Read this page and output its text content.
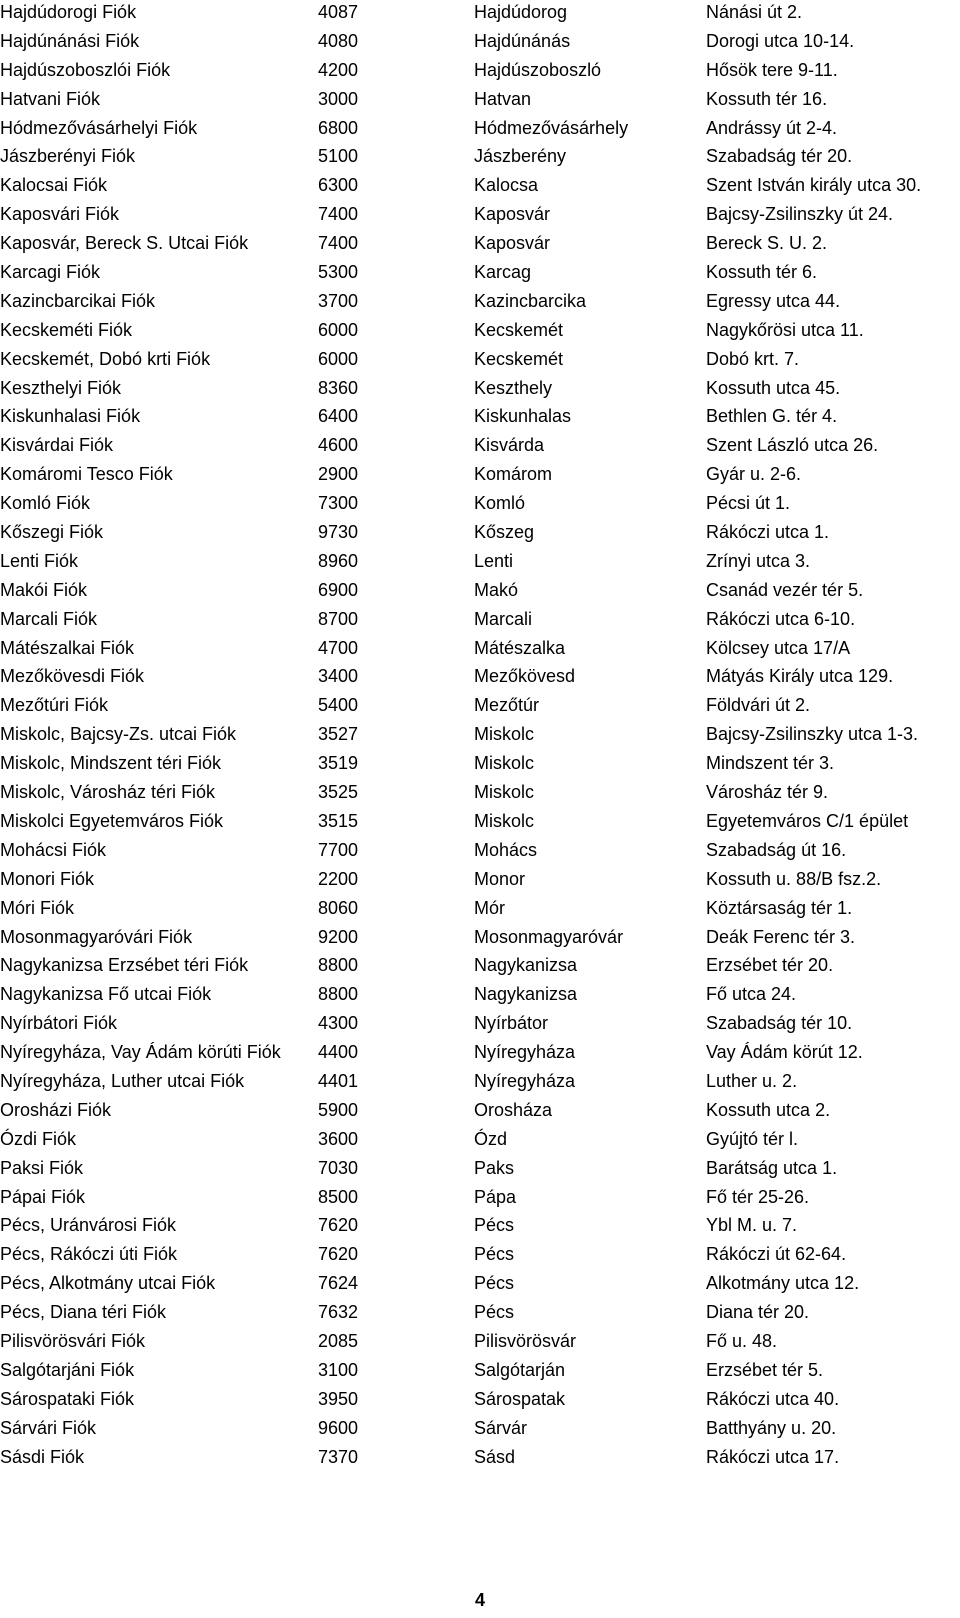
Hajdúdorogi Fiók	4087	Hajdúdorog	Nánási út 2.
Hajdúnánási Fiók	4080	Hajdúnánás	Dorogi utca 10-14.
Hajdúszoboszlói Fiók	4200	Hajdúszoboszló	Hősök tere 9-11.
Hatvani Fiók	3000	Hatvan	Kossuth tér 16.
Hódmezővásárhelyi Fiók	6800	Hódmezővásárhely	Andrássy út 2-4.
Jászberényi Fiók	5100	Jászberény	Szabadság tér 20.
Kalocsai Fiók	6300	Kalocsa	Szent István király utca 30.
Kaposvári Fiók	7400	Kaposvár	Bajcsy-Zsilinszky út 24.
Kaposvár, Bereck S. Utcai Fiók	7400	Kaposvár	Bereck S. U. 2.
Karcagi Fiók	5300	Karcag	Kossuth tér 6.
Kazincbarcikai Fiók	3700	Kazincbarcika	Egressy utca 44.
Kecskeméti Fiók	6000	Kecskemét	Nagykőrösi utca 11.
Kecskemét, Dobó krti Fiók	6000	Kecskemét	Dobó krt. 7.
Keszthelyi Fiók	8360	Keszthely	Kossuth utca 45.
Kiskunhalasi Fiók	6400	Kiskunhalas	Bethlen G. tér 4.
Kisvárdai Fiók	4600	Kisvárda	Szent László utca 26.
Komáromi Tesco Fiók	2900	Komárom	Gyár u. 2-6.
Komló Fiók	7300	Komló	Pécsi út 1.
Kőszegi Fiók	9730	Kőszeg	Rákóczi utca 1.
Lenti Fiók	8960	Lenti	Zrínyi utca 3.
Makói Fiók	6900	Makó	Csanád vezér tér 5.
Marcali Fiók	8700	Marcali	Rákóczi utca 6-10.
Mátészalkai Fiók	4700	Mátészalka	Kölcsey utca 17/A
Mezőkövesdi Fiók	3400	Mezőkövesd	Mátyás Király utca 129.
Mezőtúri Fiók	5400	Mezőtúr	Földvári út 2.
Miskolc, Bajcsy-Zs. utcai Fiók	3527	Miskolc	Bajcsy-Zsilinszky utca 1-3.
Miskolc, Mindszent téri Fiók	3519	Miskolc	Mindszent tér 3.
Miskolc, Városház téri Fiók	3525	Miskolc	Városház tér 9.
Miskolci Egyetemváros Fiók	3515	Miskolc	Egyetemváros C/1 épület
Mohácsi Fiók	7700	Mohács	Szabadság út 16.
Monori Fiók	2200	Monor	Kossuth u. 88/B fsz.2.
Móri Fiók	8060	Mór	Köztársaság tér 1.
Mosonmagyaróvári Fiók	9200	Mosonmagyaróvár	Deák Ferenc tér 3.
Nagykanizsa Erzsébet téri Fiók	8800	Nagykanizsa	Erzsébet tér 20.
Nagykanizsa Fő utcai Fiók	8800	Nagykanizsa	Fő utca 24.
Nyírbátori Fiók	4300	Nyírbátor	Szabadság tér 10.
Nyíregyháza, Vay Ádám körúti Fiók 4400	Nyíregyháza	Vay Ádám körút 12.
Nyíregyháza, Luther utcai Fiók	4401	Nyíregyháza	Luther u. 2.
Orosházi Fiók	5900	Orosháza	Kossuth utca 2.
Ózdi Fiók	3600	Ózd	Gyújtó tér l.
Paksi Fiók	7030	Paks	Barátság utca 1.
Pápai Fiók	8500	Pápa	Fő tér 25-26.
Pécs, Uránvárosi Fiók	7620	Pécs	Ybl M. u. 7.
Pécs, Rákóczi úti Fiók	7620	Pécs	Rákóczi út 62-64.
Pécs, Alkotmány utcai Fiók	7624	Pécs	Alkotmány utca 12.
Pécs, Diana téri Fiók	7632	Pécs	Diana tér 20.
Pilisvörösvári Fiók	2085	Pilisvörösvár	Fő u. 48.
Salgótarjáni Fiók	3100	Salgótarján	Erzsébet tér 5.
Sárospataki Fiók	3950	Sárospatak	Rákóczi utca 40.
Sárvári Fiók	9600	Sárvár	Batthyány u. 20.
Sásdi Fiók	7370	Sásd	Rákóczi utca 17.
4
